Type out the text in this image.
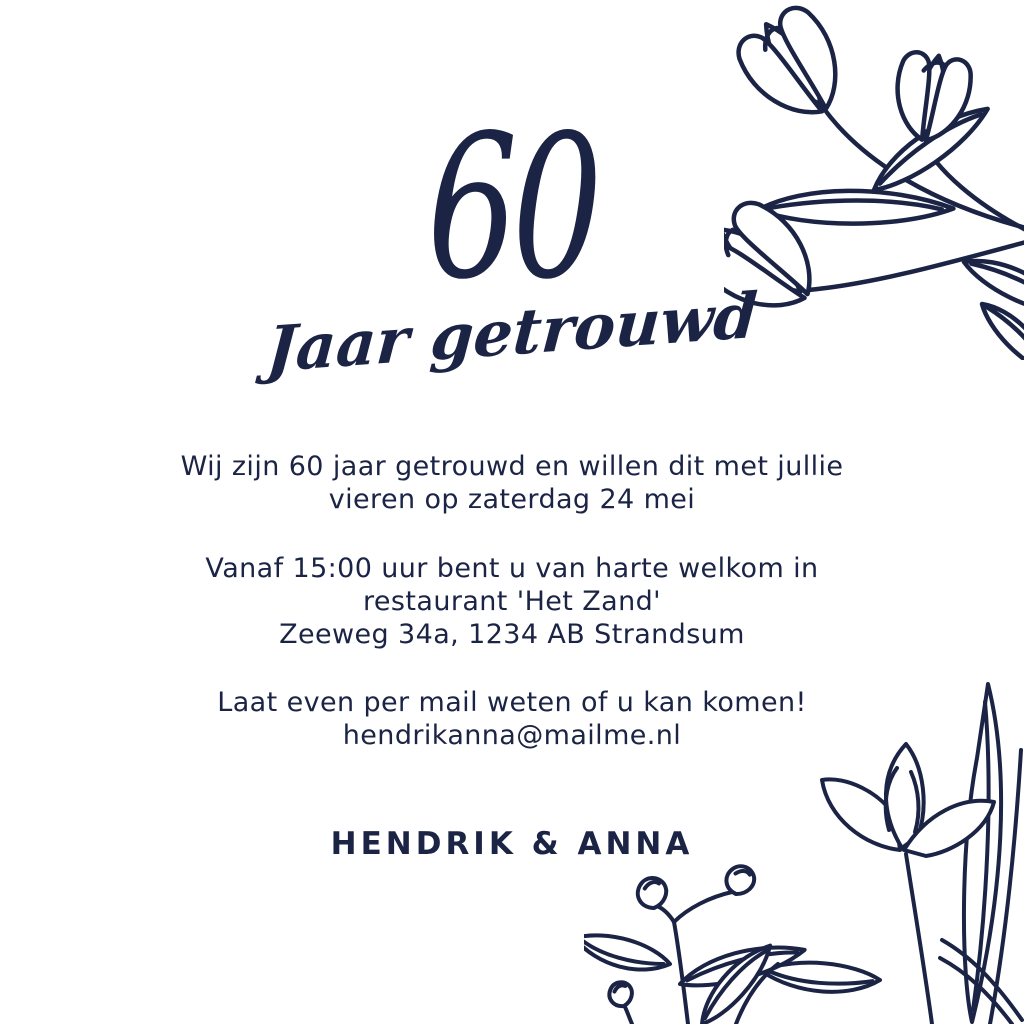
60
Jaar getrouwd

Wij zijn 60 jaar getrouwd en willen dit met jullie
vieren op zaterdag 24 mei

Vanaf 15:00 uur bent u van harte welkom in
restaurant 'Het Zand'
Zeeweg 34a, 1234 AB Strandsum

Laat even per mail weten of u kan komen!
hendrikanna@mailme.nl

HENDRIK & ANNA
